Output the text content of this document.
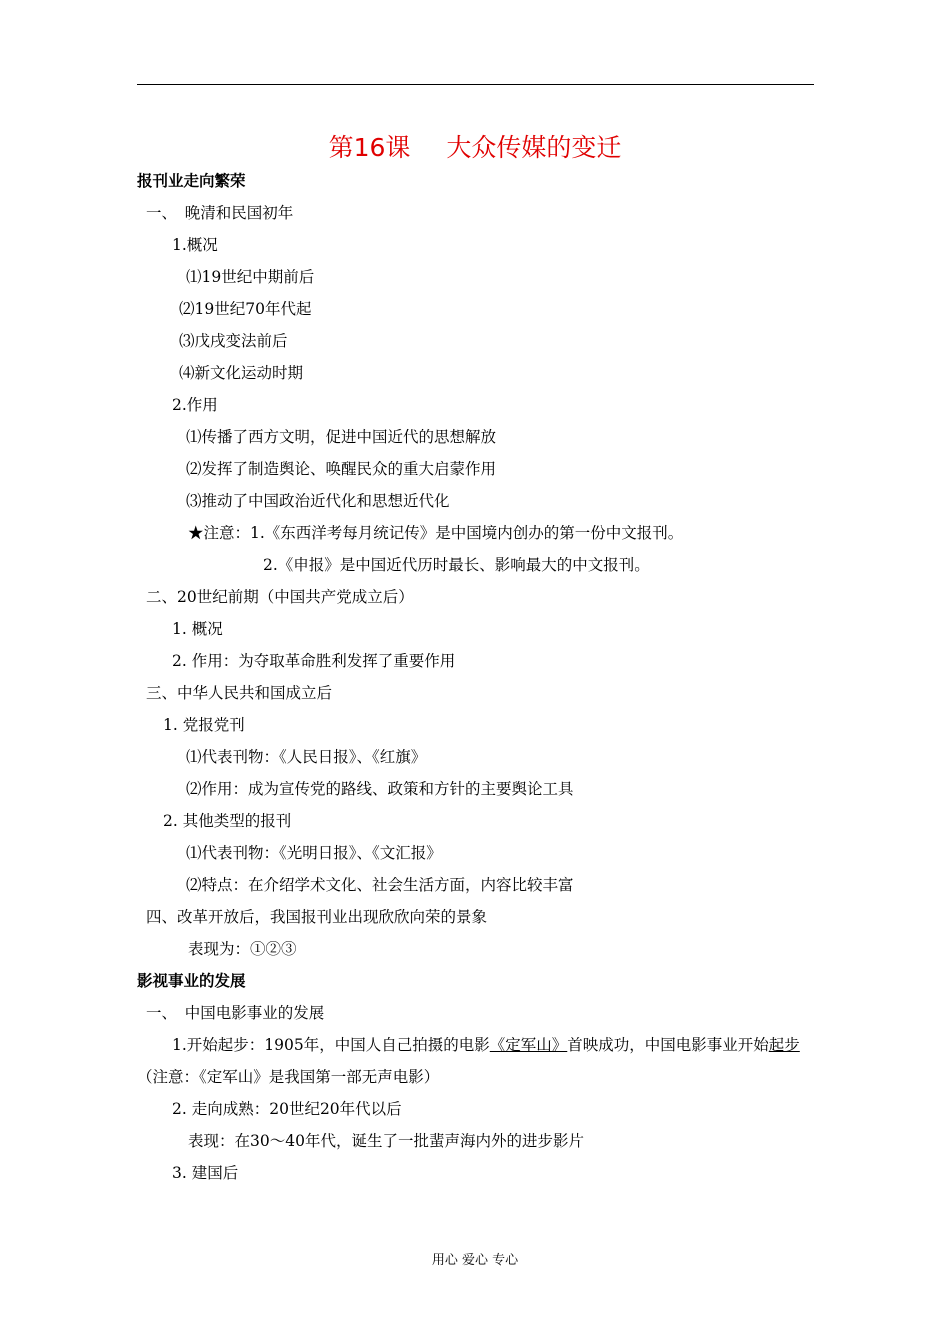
第16课 大众传媒的变迁
报刊业走向繁荣
一、　晚清和民国初年
1.概况
⑴19世纪中期前后
⑵19世纪70年代起
⑶戊戌变法前后
⑷新文化运动时期
2.作用
⑴传播了西方文明，促进中国近代的思想解放
⑵发挥了制造舆论、唤醒民众的重大启蒙作用
⑶推动了中国政治近代化和思想近代化
★注意：1.《东西洋考每月统记传》是中国境内创办的第一份中文报刊。
2.《申报》是中国近代历时最长、影响最大的中文报刊。
二、20世纪前期（中国共产党成立后）
1. 概况
2. 作用：为夺取革命胜利发挥了重要作用
三、中华人民共和国成立后
1. 党报党刊
⑴代表刊物：《人民日报》、《红旗》
⑵作用：成为宣传党的路线、政策和方针的主要舆论工具
2. 其他类型的报刊
⑴代表刊物：《光明日报》、《文汇报》
⑵特点：在介绍学术文化、社会生活方面，内容比较丰富
四、改革开放后，我国报刊业出现欣欣向荣的景象
表现为：①②③
影视事业的发展
一、　中国电影事业的发展
1.开始起步：1905年，中国人自己拍摄的电影《定军山》首映成功，中国电影事业开始起步
（注意：《定军山》是我国第一部无声电影）
2. 走向成熟：20世纪20年代以后
表现：在30～40年代，诞生了一批蜚声海内外的进步影片
3. 建国后
用心 爱心 专心
